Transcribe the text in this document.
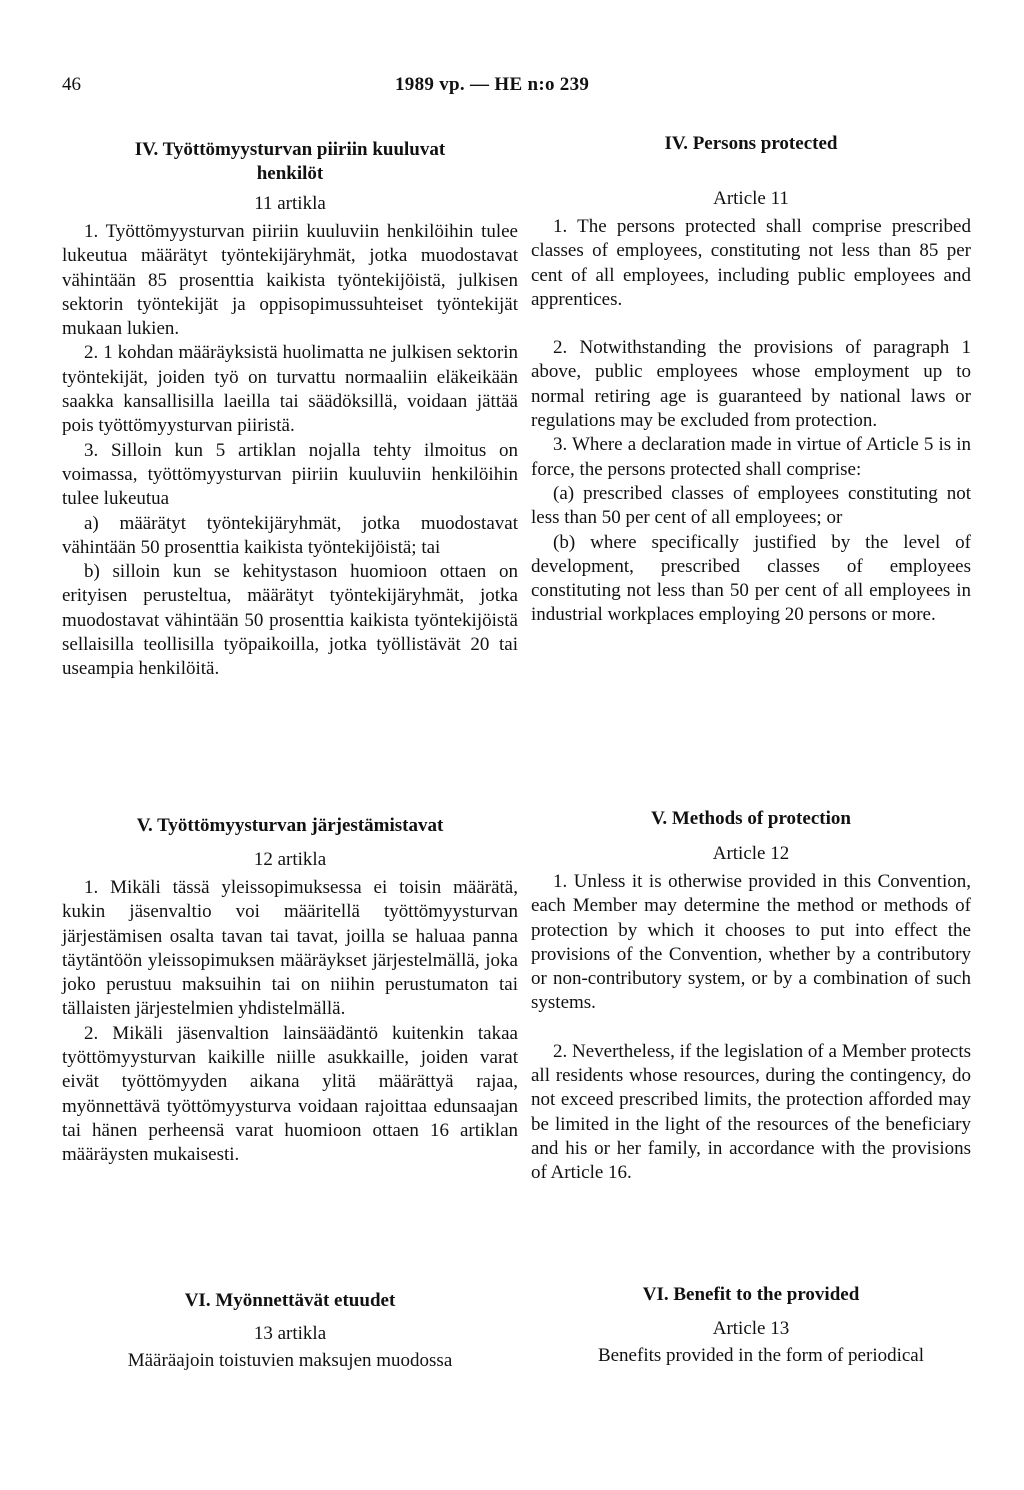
46	1989 vp. — HE n:o 239
IV. Työttömyysturvan piiriin kuuluvat henkilöt
11 artikla

1. Työttömyysturvan piiriin kuuluviin henkilöihin tulee lukeutua määrätyt työntekijäryhmät, jotka muodostavat vähintään 85 prosenttia kaikista työntekijöistä, julkisen sektorin työntekijät ja oppisopimussuhteiset työntekijät mukaan lukien.

2. 1 kohdan määräyksistä huolimatta ne julkisen sektorin työntekijät, joiden työ on turvattu normaaliin eläkeikään saakka kansallisilla laeilla tai säädöksillä, voidaan jättää pois työttömyysturvan piiristä.

3. Silloin kun 5 artiklan nojalla tehty ilmoitus on voimassa, työttömyysturvan piiriin kuuluviin henkilöihin tulee lukeutua

a) määrätyt työntekijäryhmät, jotka muodostavat vähintään 50 prosenttia kaikista työntekijöistä; tai

b) silloin kun se kehitystason huomioon ottaen on erityisen perusteltua, määrätyt työntekijäryhmät, jotka muodostavat vähintään 50 prosenttia kaikista työntekijöistä sellaisilla teollisilla työpaikoilla, jotka työllistävät 20 tai useampia henkilöitä.

IV. Persons protected
Article 11

1. The persons protected shall comprise prescribed classes of employees, constituting not less than 85 per cent of all employees, including public employees and apprentices.

2. Notwithstanding the provisions of paragraph 1 above, public employees whose employment up to normal retiring age is guaranteed by national laws or regulations may be excluded from protection.

3. Where a declaration made in virtue of Article 5 is in force, the persons protected shall comprise:

(a) prescribed classes of employees constituting not less than 50 per cent of all employees; or

(b) where specifically justified by the level of development, prescribed classes of employees constituting not less than 50 per cent of all employees in industrial workplaces employing 20 persons or more.

V. Työttömyysturvan järjestämistavat
12 artikla

1. Mikäli tässä yleissopimuksessa ei toisin määrätä, kukin jäsenvaltio voi määritellä työttömyysturvan järjestämisen osalta tavan tai tavat, joilla se haluaa panna täytäntöön yleissopimuksen määräykset järjestelmällä, joka joko perustuu maksuihin tai on niihin perustumaton tai tällaisten järjestelmien yhdistelmällä.

2. Mikäli jäsenvaltion lainsäädäntö kuitenkin takaa työttömyysturvan kaikille niille asukkaille, joiden varat eivät työttömyyden aikana ylitä määrättyä rajaa, myönnettävä työttömyysturva voidaan rajoittaa edunsaajan tai hänen perheensä varat huomioon ottaen 16 artiklan määräysten mukaisesti.

V. Methods of protection
Article 12

1. Unless it is otherwise provided in this Convention, each Member may determine the method or methods of protection by which it chooses to put into effect the provisions of the Convention, whether by a contributory or non-contributory system, or by a combination of such systems.

2. Nevertheless, if the legislation of a Member protects all residents whose resources, during the contingency, do not exceed prescribed limits, the protection afforded may be limited in the light of the resources of the beneficiary and his or her family, in accordance with the provisions of Article 16.

VI. Myönnettävät etuudet
13 artikla
Määräajoin toistuvien maksujen muodossa
VI. Benefit to the provided
Article 13
Benefits provided in the form of periodical
